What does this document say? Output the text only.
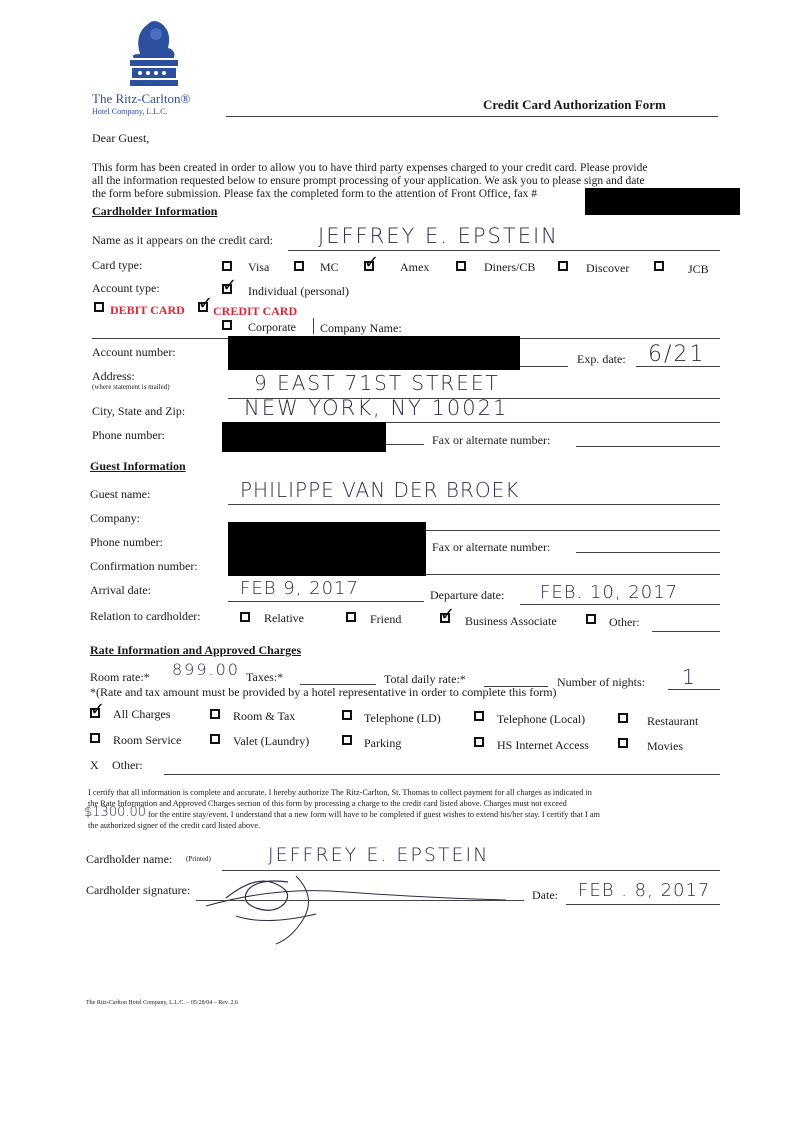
The Ritz-Carlton®
Hotel Company, L.L.C.	Credit Card Authorization Form
Dear Guest,
This form has been created in order to allow you to have third party expenses charged to your credit card. Please provide
all the information requested below to ensure prompt processing of your application. We ask you to please sign and date
the form before submission. Please fax the completed form to the attention of Front Office, fax #
Cardholder Information
Name as it appears on the credit card: JEFFREY E. EPSTEIN
Card type:	Visa	MC ✓ Amex	Diners/CB	Discover	JCB
Account type:	✓ Individual (personal)
DEBIT CARD ✓ CREDIT CARD
Corporate Company Name:
Account number:	Exp. date: 6/21
Address:
(where statement is mailed)	9 EAST 71ST STREET
City, State and Zip:	NEW YORK, NY 10021
Phone number:	Fax or alternate number:
Guest Information
Guest name:	PHILIPPE VAN DER BROEK
Company:
Phone number:	Fax or alternate number:
Confirmation number:
Arrival date:	FEB 9, 2017	Departure date: FEB. 10, 2017
Relation to cardholder:	Relative	Friend ✓ Business Associate	Other:
Rate Information and Approved Charges
Room rate:* 899.00 Taxes:*	Total daily rate:*	Number of nights: 1
*(Rate and tax amount must be provided by a hotel representative in order to complete this form)
✓ All Charges	Room & Tax	Telephone (LD)	Telephone (Local)	Restaurant
Room Service	Valet (Laundry)	Parking	HS Internet Access	Movies
X Other:
I certify that all information is complete and accurate. I hereby authorize The Ritz-Carlton, St. Thomas to collect payment for all charges as indicated in
the Rate Information and Approved Charges section of this form by processing a charge to the credit card listed above. Charges must not exceed
$1300.00 for the entire stay/event. I understand that a new form will have to be completed if guest wishes to extend his/her stay. I certify that I am
the authorized signer of the credit card listed above.
Cardholder name: (Printed)	JEFFREY E. EPSTEIN
Cardholder signature:	Date: FEB . 8, 2017
The Ritz-Carlton Hotel Company, L.L.C. – 05/28/04 – Rev. 2.6
